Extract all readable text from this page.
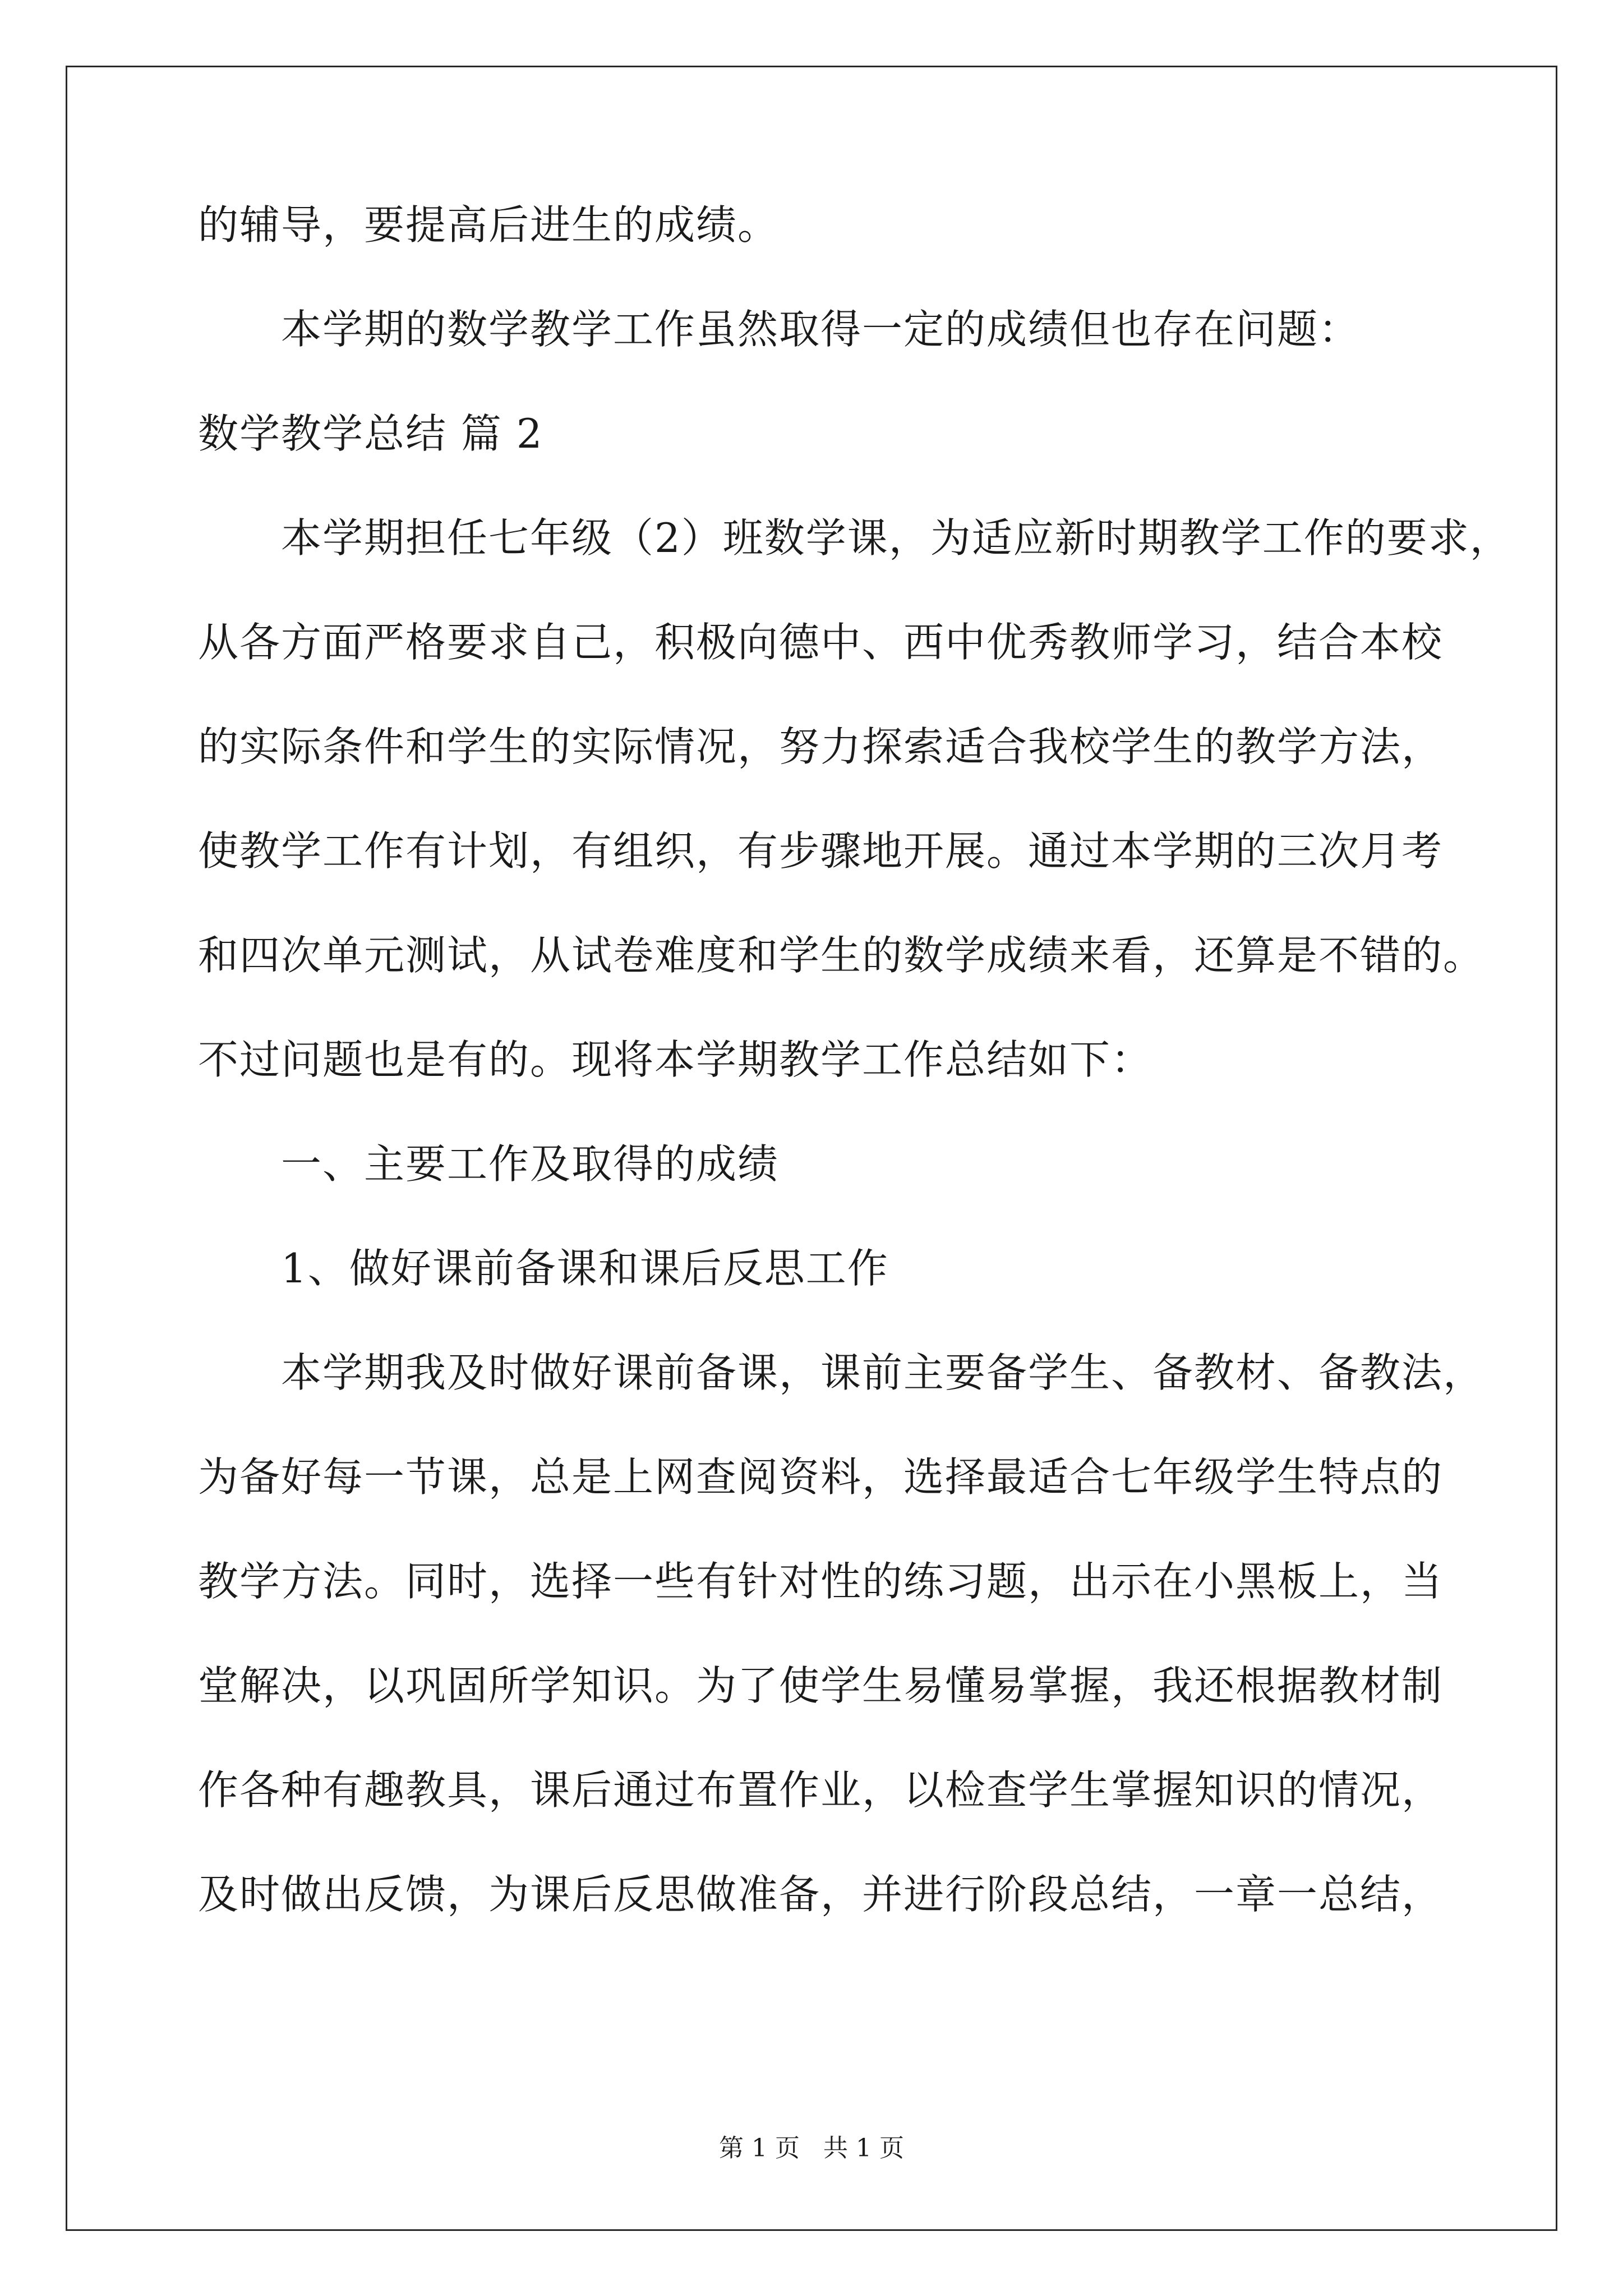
的辅导，要提高后进生的成绩。
本学期的数学教学工作虽然取得一定的成绩但也存在问题：
数学教学总结 篇 2
本学期担任七年级（2）班数学课，为适应新时期教学工作的要求，
从各方面严格要求自己，积极向德中、西中优秀教师学习，结合本校
的实际条件和学生的实际情况，努力探索适合我校学生的教学方法，
使教学工作有计划，有组织，有步骤地开展。通过本学期的三次月考
和四次单元测试，从试卷难度和学生的数学成绩来看，还算是不错的。
不过问题也是有的。现将本学期教学工作总结如下：
一、主要工作及取得的成绩
1、做好课前备课和课后反思工作
本学期我及时做好课前备课，课前主要备学生、备教材、备教法，
为备好每一节课，总是上网查阅资料，选择最适合七年级学生特点的
教学方法。同时，选择一些有针对性的练习题，出示在小黑板上，当
堂解决，以巩固所学知识。为了使学生易懂易掌握，我还根据教材制
作各种有趣教具，课后通过布置作业，以检查学生掌握知识的情况，
及时做出反馈，为课后反思做准备，并进行阶段总结，一章一总结，
第 1 页   共 1 页
